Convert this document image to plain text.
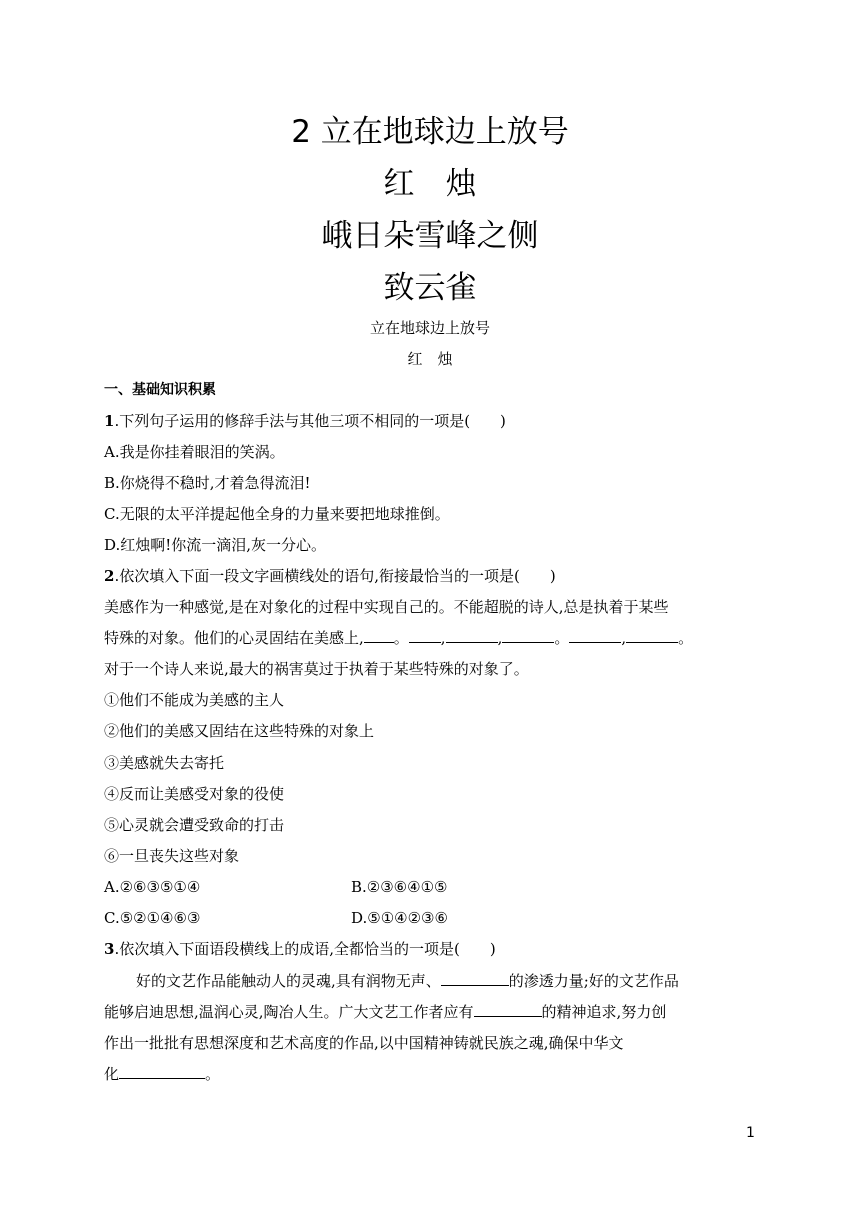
2 立在地球边上放号
红　烛
峨日朵雪峰之侧
致云雀
立在地球边上放号
红　烛
一、基础知识积累
1.下列句子运用的修辞手法与其他三项不相同的一项是(　　)
A.我是你挂着眼泪的笑涡。
B.你烧得不稳时,才着急得流泪!
C.无限的太平洋提起他全身的力量来要把地球推倒。
D.红烛啊!你流一滴泪,灰一分心。
2.依次填入下面一段文字画横线处的语句,衔接最恰当的一项是(　　)
美感作为一种感觉,是在对象化的过程中实现自己的。不能超脱的诗人,总是执着于某些
特殊的对象。他们的心灵固结在美感上, 。 ,	,	。	,	。
对于一个诗人来说,最大的祸害莫过于执着于某些特殊的对象了。
①他们不能成为美感的主人
②他们的美感又固结在这些特殊的对象上
③美感就失去寄托
④反而让美感受对象的役使
⑤心灵就会遭受致命的打击
⑥一旦丧失这些对象
A.②⑥③⑤①④	B.②③⑥④①⑤
C.⑤②①④⑥③	D.⑤①④②③⑥
3.依次填入下面语段横线上的成语,全都恰当的一项是(　　)
好的文艺作品能触动人的灵魂,具有润物无声、	的渗透力量;好的文艺作品
能够启迪思想,温润心灵,陶冶人生。广大文艺工作者应有	的精神追求,努力创
作出一批批有思想深度和艺术高度的作品,以中国精神铸就民族之魂,确保中华文
化	。
1
